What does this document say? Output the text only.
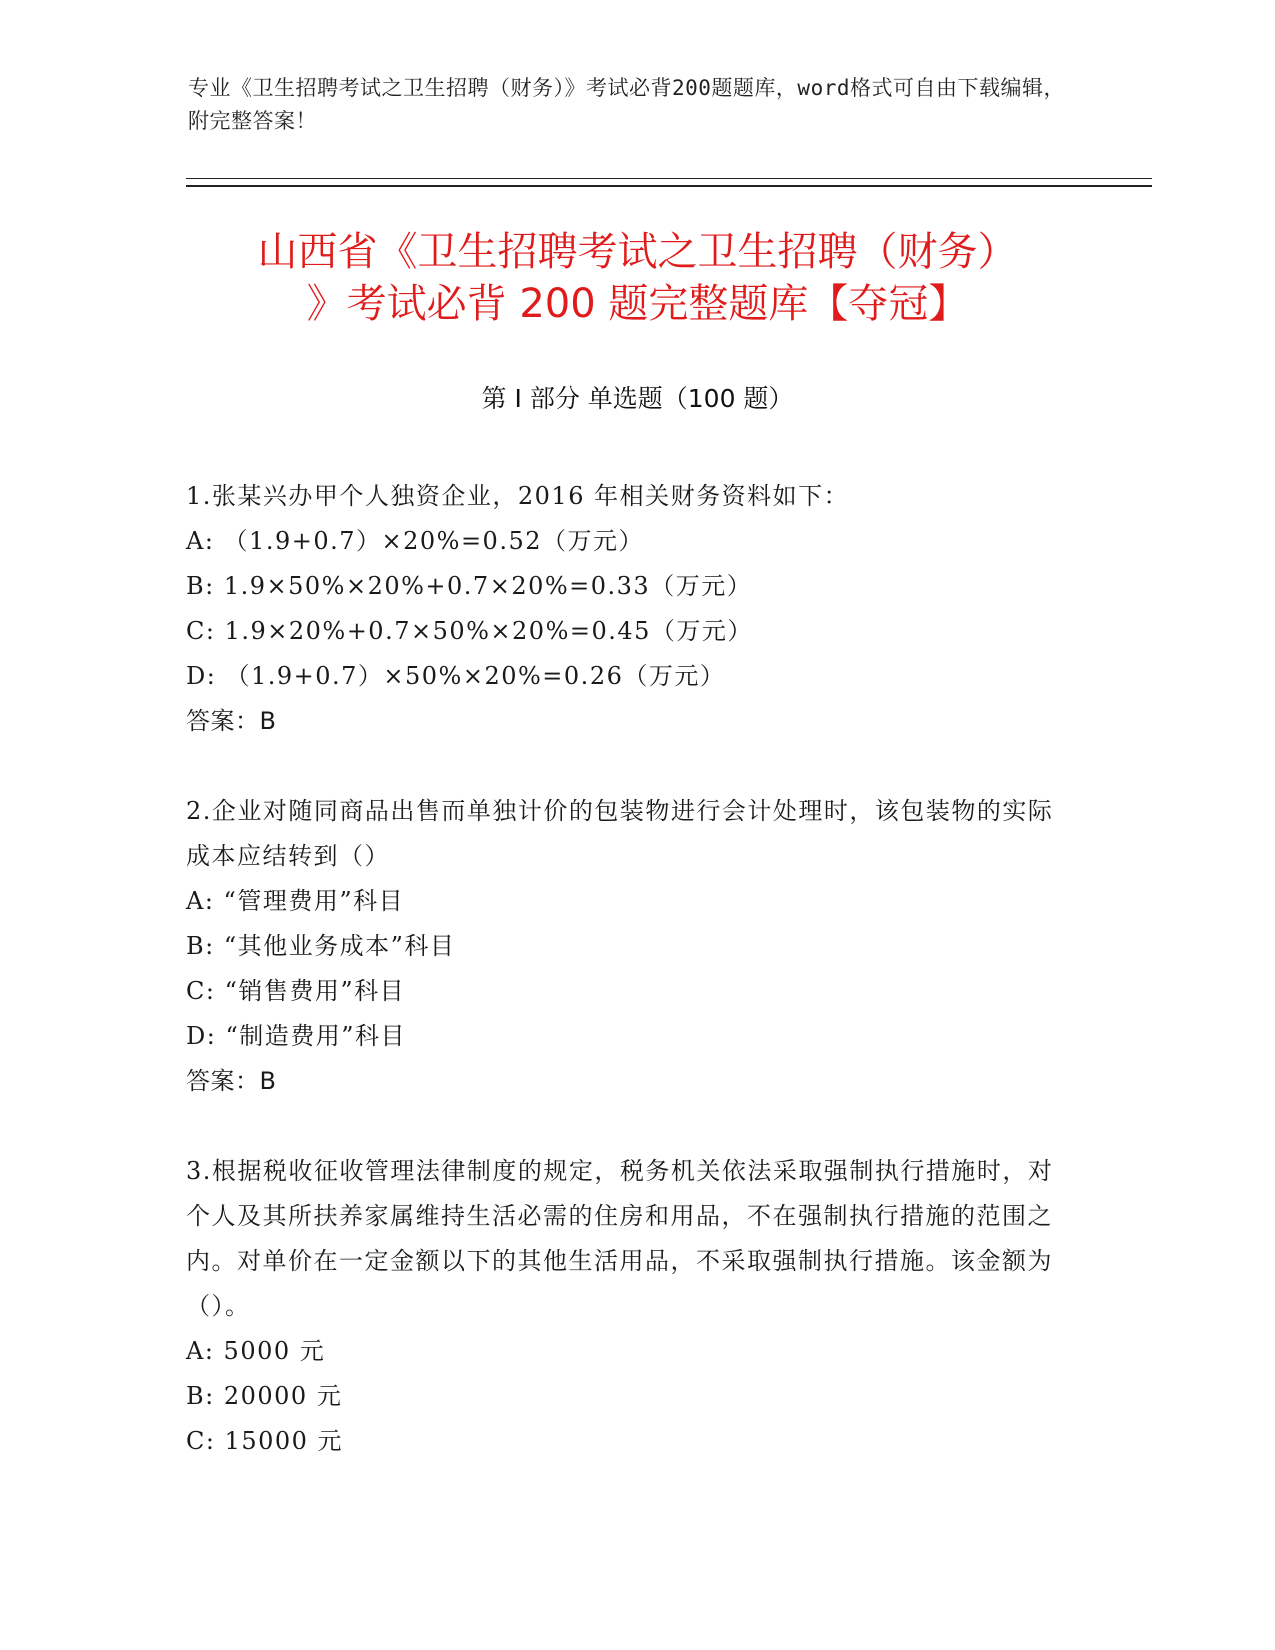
专业《卫生招聘考试之卫生招聘（财务）》考试必背200题题库，word格式可自由下载编辑，附完整答案！
山西省《卫生招聘考试之卫生招聘（财务）
》考试必背 200 题完整题库【夺冠】
第 I 部分 单选题（100 题）

1.张某兴办甲个人独资企业，2016 年相关财务资料如下：

A: （1.9+0.7）×20%=0.52（万元）

B: 1.9×50%×20%+0.7×20%=0.33（万元）

C: 1.9×20%+0.7×50%×20%=0.45（万元）

D: （1.9+0.7）×50%×20%=0.26（万元）

答案：B

2.企业对随同商品出售而单独计价的包装物进行会计处理时，该包装物的实际成本应结转到（）

A: “管理费用”科目

B: “其他业务成本”科目

C: “销售费用”科目

D: “制造费用”科目

答案：B

3.根据税收征收管理法律制度的规定，税务机关依法采取强制执行措施时，对个人及其所扶养家属维持生活必需的住房和用品，不在强制执行措施的范围之内。对单价在一定金额以下的其他生活用品，不采取强制执行措施。该金额为（）。

A: 5000 元

B: 20000 元

C: 15000 元
